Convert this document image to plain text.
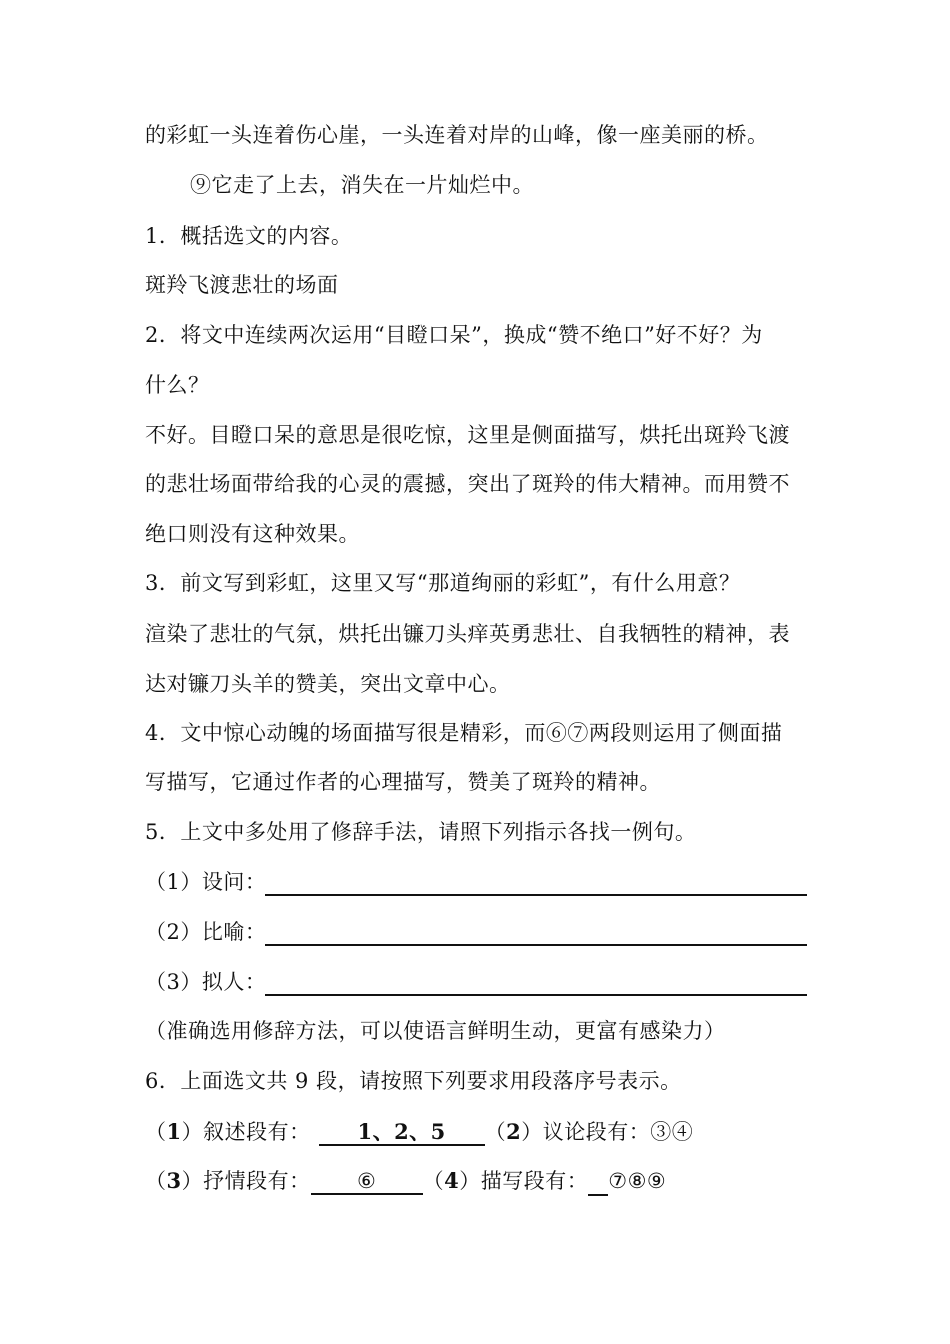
的彩虹一头连着伤心崖，一头连着对岸的山峰，像一座美丽的桥。
⑨它走了上去，消失在一片灿烂中。
1．概括选文的内容。
斑羚飞渡悲壮的场面
2．将文中连续两次运用“目瞪口呆”，换成“赞不绝口”好不好？为
什么？
不好。目瞪口呆的意思是很吃惊，这里是侧面描写，烘托出斑羚飞渡
的悲壮场面带给我的心灵的震撼，突出了斑羚的伟大精神。而用赞不
绝口则没有这种效果。
3．前文写到彩虹，这里又写“那道绚丽的彩虹”，有什么用意？
渲染了悲壮的气氛，烘托出镰刀头痒英勇悲壮、自我牺牲的精神，表
达对镰刀头羊的赞美，突出文章中心。
4．文中惊心动魄的场面描写很是精彩，而⑥⑦两段则运用了侧面描
写描写，它通过作者的心理描写，赞美了斑羚的精神。
5．上文中多处用了修辞手法，请照下列指示各找一例句。
（1）设问：
（2）比喻：
（3）拟人：
（准确选用修辞方法，可以使语言鲜明生动，更富有感染力）
6．上面选文共 9 段，请按照下列要求用段落序号表示。
（1）叙述段有： 1、2、5 （2）议论段有：③④
（3）抒情段有： ⑥ （4）描写段有： ⑦⑧⑨
